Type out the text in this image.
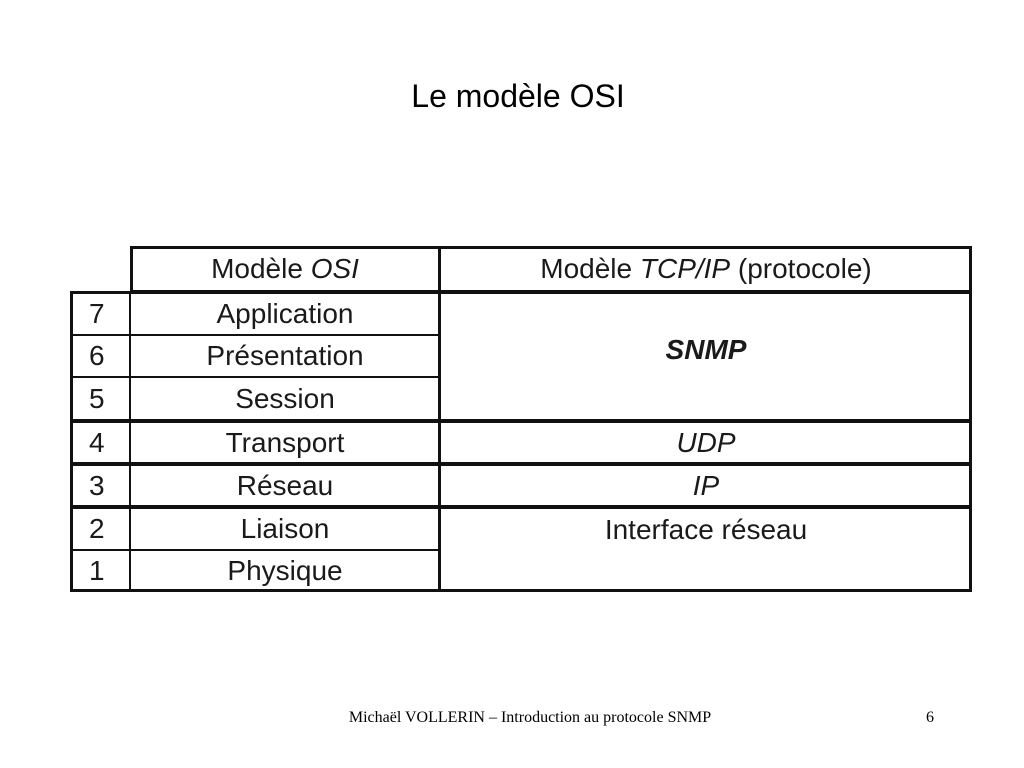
Le modèle OSI
Modèle OSI	Modèle TCP/IP (protocole)
7	Application
6	Présentation
5	Session
SNMP
4	Transport	UDP
3	Réseau	IP
2	Liaison
1	Physique
Interface réseau
Michaël VOLLERIN – Introduction au protocole SNMP	6
